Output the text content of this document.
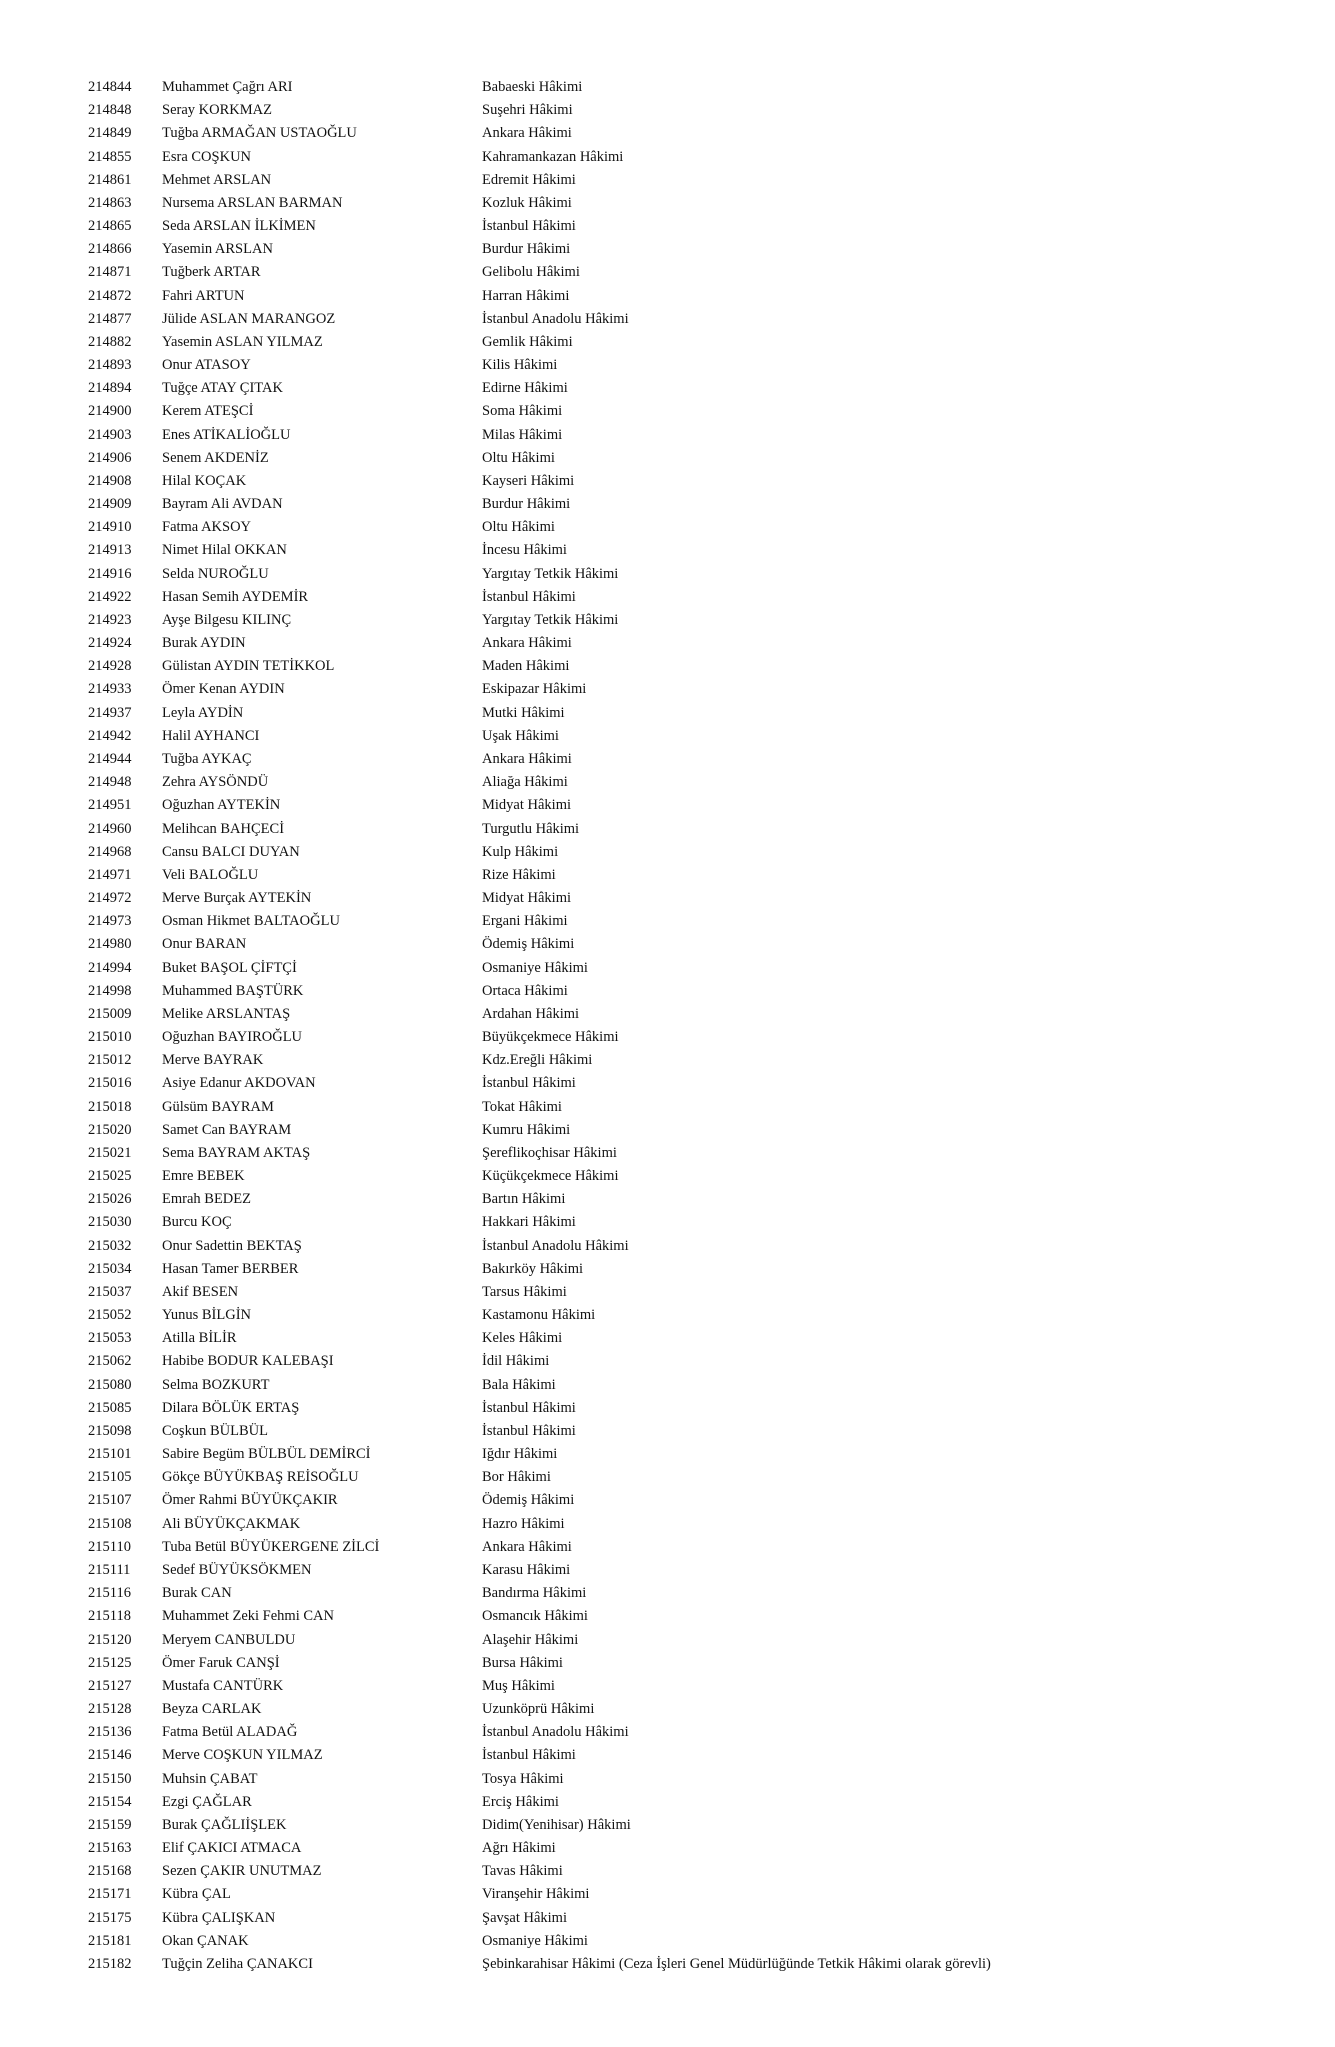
214844 Muhammet Çağrı ARI	Babaeski Hâkimi
214848 Seray KORKMAZ	Suşehri Hâkimi
214849 Tuğba ARMAĞAN USTAOĞLU	Ankara Hâkimi
214855 Esra COŞKUN	Kahramankazan Hâkimi
214861 Mehmet ARSLAN	Edremit Hâkimi
214863 Nursema ARSLAN BARMAN	Kozluk Hâkimi
214865 Seda ARSLAN İLKİMEN	İstanbul Hâkimi
214866 Yasemin ARSLAN	Burdur Hâkimi
214871 Tuğberk ARTAR	Gelibolu Hâkimi
214872 Fahri ARTUN	Harran Hâkimi
214877 Jülide ASLAN MARANGOZ	İstanbul Anadolu Hâkimi
214882 Yasemin ASLAN YILMAZ	Gemlik Hâkimi
214893 Onur ATASOY	Kilis Hâkimi
214894 Tuğçe ATAY ÇITAK	Edirne Hâkimi
214900 Kerem ATEŞCİ	Soma Hâkimi
214903 Enes ATİKALİOĞLU	Milas Hâkimi
214906 Senem AKDENİZ	Oltu Hâkimi
214908 Hilal KOÇAK	Kayseri Hâkimi
214909 Bayram Ali AVDAN	Burdur Hâkimi
214910 Fatma AKSOY	Oltu Hâkimi
214913 Nimet Hilal OKKAN	İncesu Hâkimi
214916 Selda NUROĞLU	Yargıtay Tetkik Hâkimi
214922 Hasan Semih AYDEMİR	İstanbul Hâkimi
214923 Ayşe Bilgesu KILINÇ	Yargıtay Tetkik Hâkimi
214924 Burak AYDIN	Ankara Hâkimi
214928 Gülistan AYDIN TETİKKOL	Maden Hâkimi
214933 Ömer Kenan AYDIN	Eskipazar Hâkimi
214937 Leyla AYDİN	Mutki Hâkimi
214942 Halil AYHANCI	Uşak Hâkimi
214944 Tuğba AYKAÇ	Ankara Hâkimi
214948 Zehra AYSÖNDÜ	Aliağa Hâkimi
214951 Oğuzhan AYTEKİN	Midyat Hâkimi
214960 Melihcan BAHÇECİ	Turgutlu Hâkimi
214968 Cansu BALCI DUYAN	Kulp Hâkimi
214971 Veli BALOĞLU	Rize Hâkimi
214972 Merve Burçak AYTEKİN	Midyat Hâkimi
214973 Osman Hikmet BALTAOĞLU	Ergani Hâkimi
214980 Onur BARAN	Ödemiş Hâkimi
214994 Buket BAŞOL ÇİFTÇİ	Osmaniye Hâkimi
214998 Muhammed BAŞTÜRK	Ortaca Hâkimi
215009 Melike ARSLANTAŞ	Ardahan Hâkimi
215010 Oğuzhan BAYIROĞLU	Büyükçekmece Hâkimi
215012 Merve BAYRAK	Kdz.Ereğli Hâkimi
215016 Asiye Edanur AKDOVAN	İstanbul Hâkimi
215018 Gülsüm BAYRAM	Tokat Hâkimi
215020 Samet Can BAYRAM	Kumru Hâkimi
215021 Sema BAYRAM AKTAŞ	Şereflikoçhisar Hâkimi
215025 Emre BEBEK	Küçükçekmece Hâkimi
215026 Emrah BEDEZ	Bartın Hâkimi
215030 Burcu KOÇ	Hakkari Hâkimi
215032 Onur Sadettin BEKTAŞ	İstanbul Anadolu Hâkimi
215034 Hasan Tamer BERBER	Bakırköy Hâkimi
215037 Akif BESEN	Tarsus Hâkimi
215052 Yunus BİLGİN	Kastamonu Hâkimi
215053 Atilla BİLİR	Keles Hâkimi
215062 Habibe BODUR KALEBAŞI	İdil Hâkimi
215080 Selma BOZKURT	Bala Hâkimi
215085 Dilara BÖLÜK ERTAŞ	İstanbul Hâkimi
215098 Coşkun BÜLBÜL	İstanbul Hâkimi
215101 Sabire Begüm BÜLBÜL DEMİRCİ	Iğdır Hâkimi
215105 Gökçe BÜYÜKBAŞ REİSOĞLU	Bor Hâkimi
215107 Ömer Rahmi BÜYÜKÇAKIR	Ödemiş Hâkimi
215108 Ali BÜYÜKÇAKMAK	Hazro Hâkimi
215110 Tuba Betül BÜYÜKERGENE ZİLCİ	Ankara Hâkimi
215111 Sedef BÜYÜKSÖKMEN	Karasu Hâkimi
215116 Burak CAN	Bandırma Hâkimi
215118 Muhammet Zeki Fehmi CAN	Osmancık Hâkimi
215120 Meryem CANBULDU	Alaşehir Hâkimi
215125 Ömer Faruk CANŞİ	Bursa Hâkimi
215127 Mustafa CANTÜRK	Muş Hâkimi
215128 Beyza CARLAK	Uzunköprü Hâkimi
215136 Fatma Betül ALADAĞ	İstanbul Anadolu Hâkimi
215146 Merve COŞKUN YILMAZ	İstanbul Hâkimi
215150 Muhsin ÇABAT	Tosya Hâkimi
215154 Ezgi ÇAĞLAR	Erciş Hâkimi
215159 Burak ÇAĞLIİŞLEK	Didim(Yenihisar) Hâkimi
215163 Elif ÇAKICI ATMACA	Ağrı Hâkimi
215168 Sezen ÇAKIR UNUTMAZ	Tavas Hâkimi
215171 Kübra ÇAL	Viranşehir Hâkimi
215175 Kübra ÇALIŞKAN	Şavşat Hâkimi
215181 Okan ÇANAK	Osmaniye Hâkimi
215182 Tuğçin Zeliha ÇANAKCI	Şebinkarahisar Hâkimi (Ceza İşleri Genel Müdürlüğünde Tetkik Hâkimi olarak görevli)
